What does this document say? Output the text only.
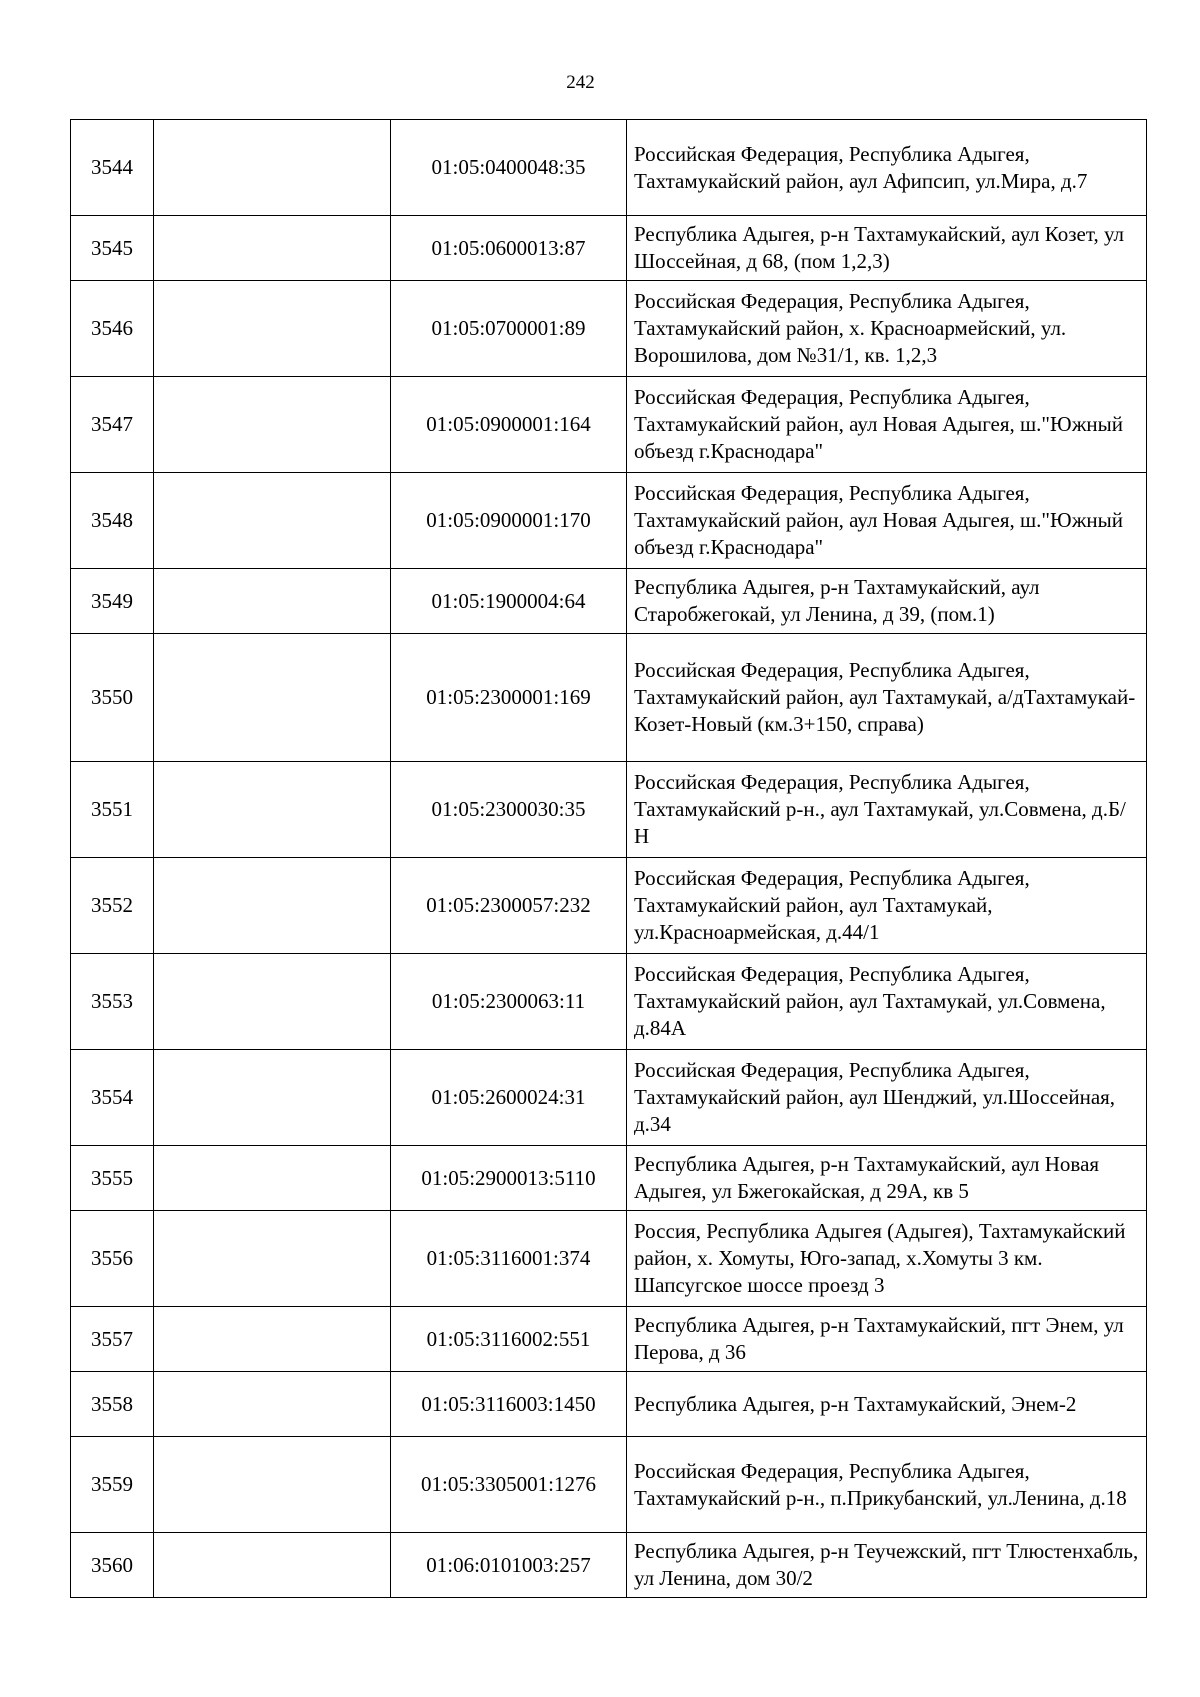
242
3544		01:05:0400048:35	Российская Федерация, Республика Адыгея, Тахтамукайский район, аул Афипсип, ул.Мира, д.7
3545		01:05:0600013:87	Республика Адыгея, р-н Тахтамукайский, аул Козет, ул Шоссейная, д 68, (пом 1,2,3)
3546		01:05:0700001:89	Российская Федерация, Республика Адыгея, Тахтамукайский район, х. Красноармейский, ул. Ворошилова, дом №31/1, кв. 1,2,3
3547		01:05:0900001:164	Российская Федерация, Республика Адыгея, Тахтамукайский район, аул Новая Адыгея, ш."Южный объезд г.Краснодара"
3548		01:05:0900001:170	Российская Федерация, Республика Адыгея, Тахтамукайский район, аул Новая Адыгея, ш."Южный объезд г.Краснодара"
3549		01:05:1900004:64	Республика Адыгея, р-н Тахтамукайский, аул Старобжегокай, ул Ленина, д 39, (пом.1)
3550		01:05:2300001:169	Российская Федерация, Республика Адыгея, Тахтамукайский район, аул Тахтамукай, а/дТахтамукай-Козет-Новый (км.3+150, справа)
3551		01:05:2300030:35	Российская Федерация, Республика Адыгея, Тахтамукайский р-н., аул Тахтамукай, ул.Совмена, д.Б/Н
3552		01:05:2300057:232	Российская Федерация, Республика Адыгея, Тахтамукайский район, аул Тахтамукай, ул.Красноармейская, д.44/1
3553		01:05:2300063:11	Российская Федерация, Республика Адыгея, Тахтамукайский район, аул Тахтамукай, ул.Совмена, д.84А
3554		01:05:2600024:31	Российская Федерация, Республика Адыгея, Тахтамукайский район, аул Шенджий, ул.Шоссейная, д.34
3555		01:05:2900013:5110	Республика Адыгея, р-н Тахтамукайский, аул Новая Адыгея, ул Бжегокайская, д 29А, кв 5
3556		01:05:3116001:374	Россия, Республика Адыгея (Адыгея), Тахтамукайский район, х. Хомуты, Юго-запад, х.Хомуты 3 км. Шапсугское шоссе проезд 3
3557		01:05:3116002:551	Республика Адыгея, р-н Тахтамукайский, пгт Энем, ул Перова, д 36
3558		01:05:3116003:1450	Республика Адыгея, р-н Тахтамукайский, Энем-2
3559		01:05:3305001:1276	Российская Федерация, Республика Адыгея, Тахтамукайский р-н., п.Прикубанский, ул.Ленина, д.18
3560		01:06:0101003:257	Республика Адыгея, р-н Теучежский, пгт Тлюстенхабль, ул Ленина, дом 30/2
